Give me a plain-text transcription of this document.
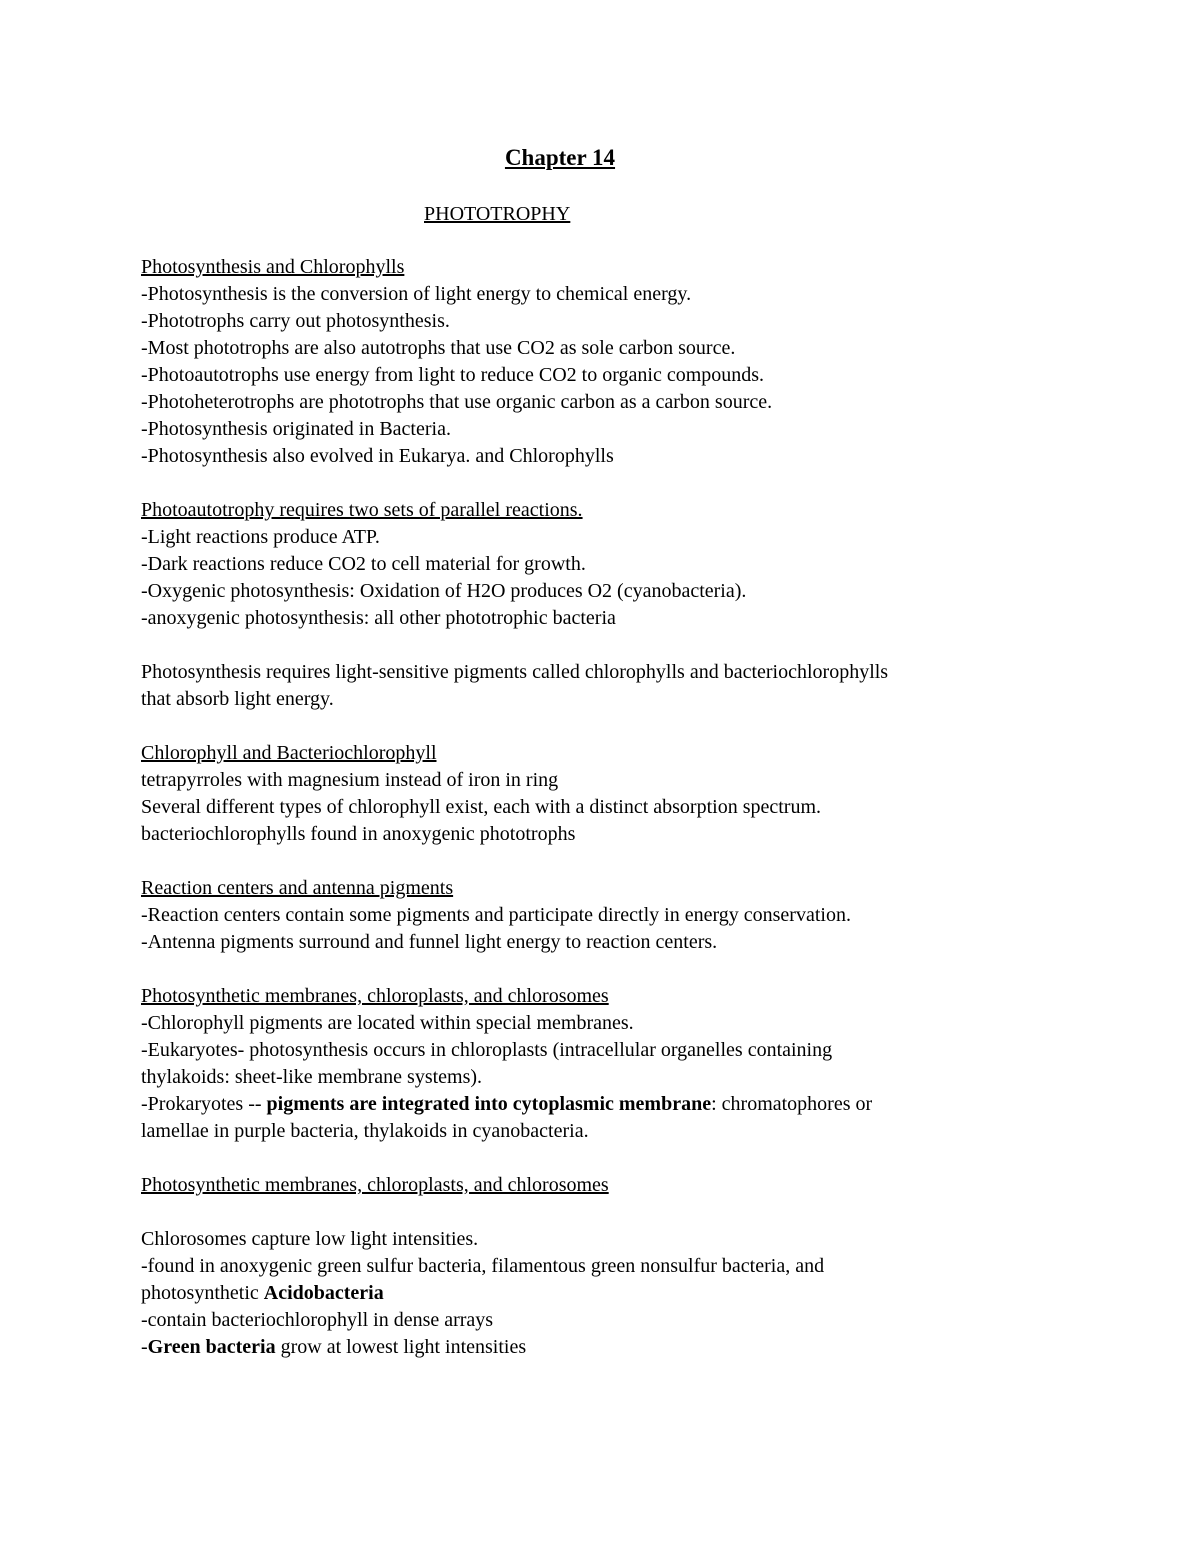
Chapter 14
PHOTOTROPHY
Photosynthesis and Chlorophylls
-Photosynthesis is the conversion of light energy to chemical energy.
-Phototrophs carry out photosynthesis.
-Most phototrophs are also autotrophs that use CO2 as sole carbon source.
-Photoautotrophs use energy from light to reduce CO2 to organic compounds.
-Photoheterotrophs are phototrophs that use organic carbon as a carbon source.
-Photosynthesis originated in Bacteria.
-Photosynthesis also evolved in Eukarya. and Chlorophylls
Photoautotrophy requires two sets of parallel reactions.
-Light reactions produce ATP.
-Dark reactions reduce CO2 to cell material for growth.
-Oxygenic photosynthesis: Oxidation of H2O produces O2 (cyanobacteria).
-anoxygenic photosynthesis: all other phototrophic bacteria
Photosynthesis requires light-sensitive pigments called chlorophylls and bacteriochlorophylls
that absorb light energy.
Chlorophyll and Bacteriochlorophyll
tetrapyrroles with magnesium instead of iron in ring
Several different types of chlorophyll exist, each with a distinct absorption spectrum.
bacteriochlorophylls found in anoxygenic phototrophs
Reaction centers and antenna pigments
-Reaction centers contain some pigments and participate directly in energy conservation.
-Antenna pigments surround and funnel light energy to reaction centers.
Photosynthetic membranes, chloroplasts, and chlorosomes
-Chlorophyll pigments are located within special membranes.
-Eukaryotes- photosynthesis occurs in chloroplasts (intracellular organelles containing
thylakoids: sheet-like membrane systems).
-Prokaryotes -- pigments are integrated into cytoplasmic membrane: chromatophores or
lamellae in purple bacteria, thylakoids in cyanobacteria.
Photosynthetic membranes, chloroplasts, and chlorosomes
Chlorosomes capture low light intensities.
-found in anoxygenic green sulfur bacteria, filamentous green nonsulfur bacteria, and
photosynthetic Acidobacteria
-contain bacteriochlorophyll in dense arrays
-Green bacteria grow at lowest light intensities
